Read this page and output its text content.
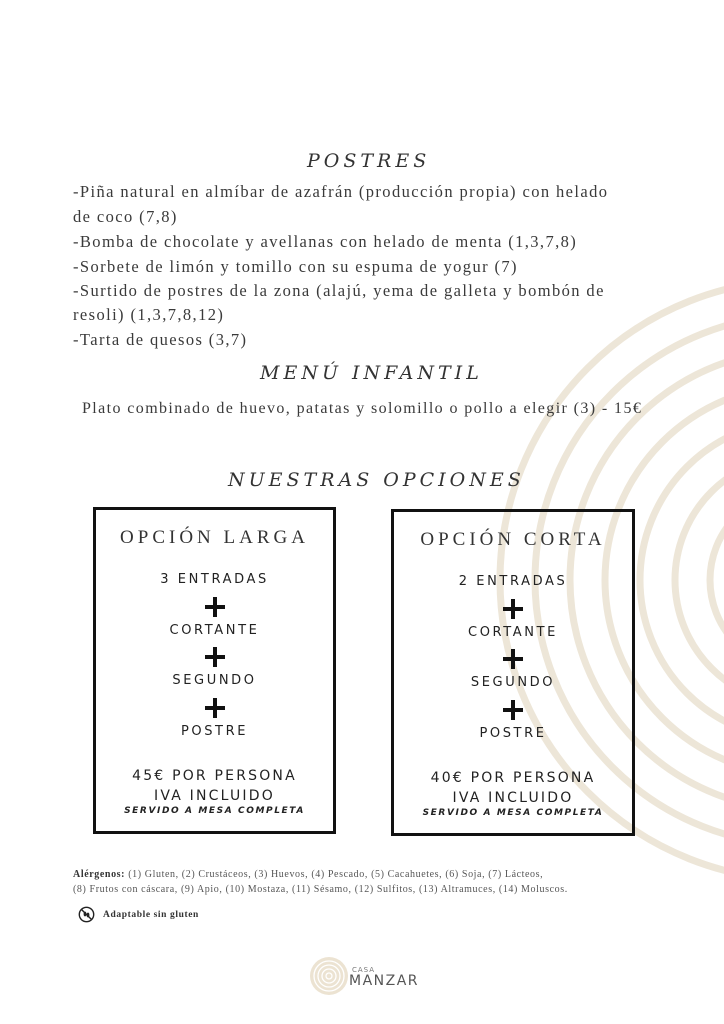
POSTRES
-Piña natural en almíbar de azafrán (producción propia) con helado
de coco (7,8)
-Bomba de chocolate y avellanas con helado de menta (1,3,7,8)
-Sorbete de limón y tomillo con su espuma de yogur (7)
-Surtido de postres de la zona (alajú, yema de galleta y bombón de
resoli) (1,3,7,8,12)
-Tarta de quesos (3,7)
MENÚ INFANTIL
Plato combinado de huevo, patatas y solomillo o pollo a elegir (3) - 15€
NUESTRAS OPCIONES
OPCIÓN LARGA
3 ENTRADAS
CORTANTE
SEGUNDO
POSTRE
45€ POR PERSONA
IVA INCLUIDO
SERVIDO A MESA COMPLETA
OPCIÓN CORTA
2 ENTRADAS
CORTANTE
SEGUNDO
POSTRE
40€ POR PERSONA
IVA INCLUIDO
SERVIDO A MESA COMPLETA
Alérgenos: (1) Gluten, (2) Crustáceos, (3) Huevos, (4) Pescado, (5) Cacahuetes, (6) Soja, (7) Lácteos,
(8) Frutos con cáscara, (9) Apio, (10) Mostaza, (11) Sésamo, (12) Sulfitos, (13) Altramuces, (14) Moluscos.
Adaptable sin gluten
CASA
MANZAR
